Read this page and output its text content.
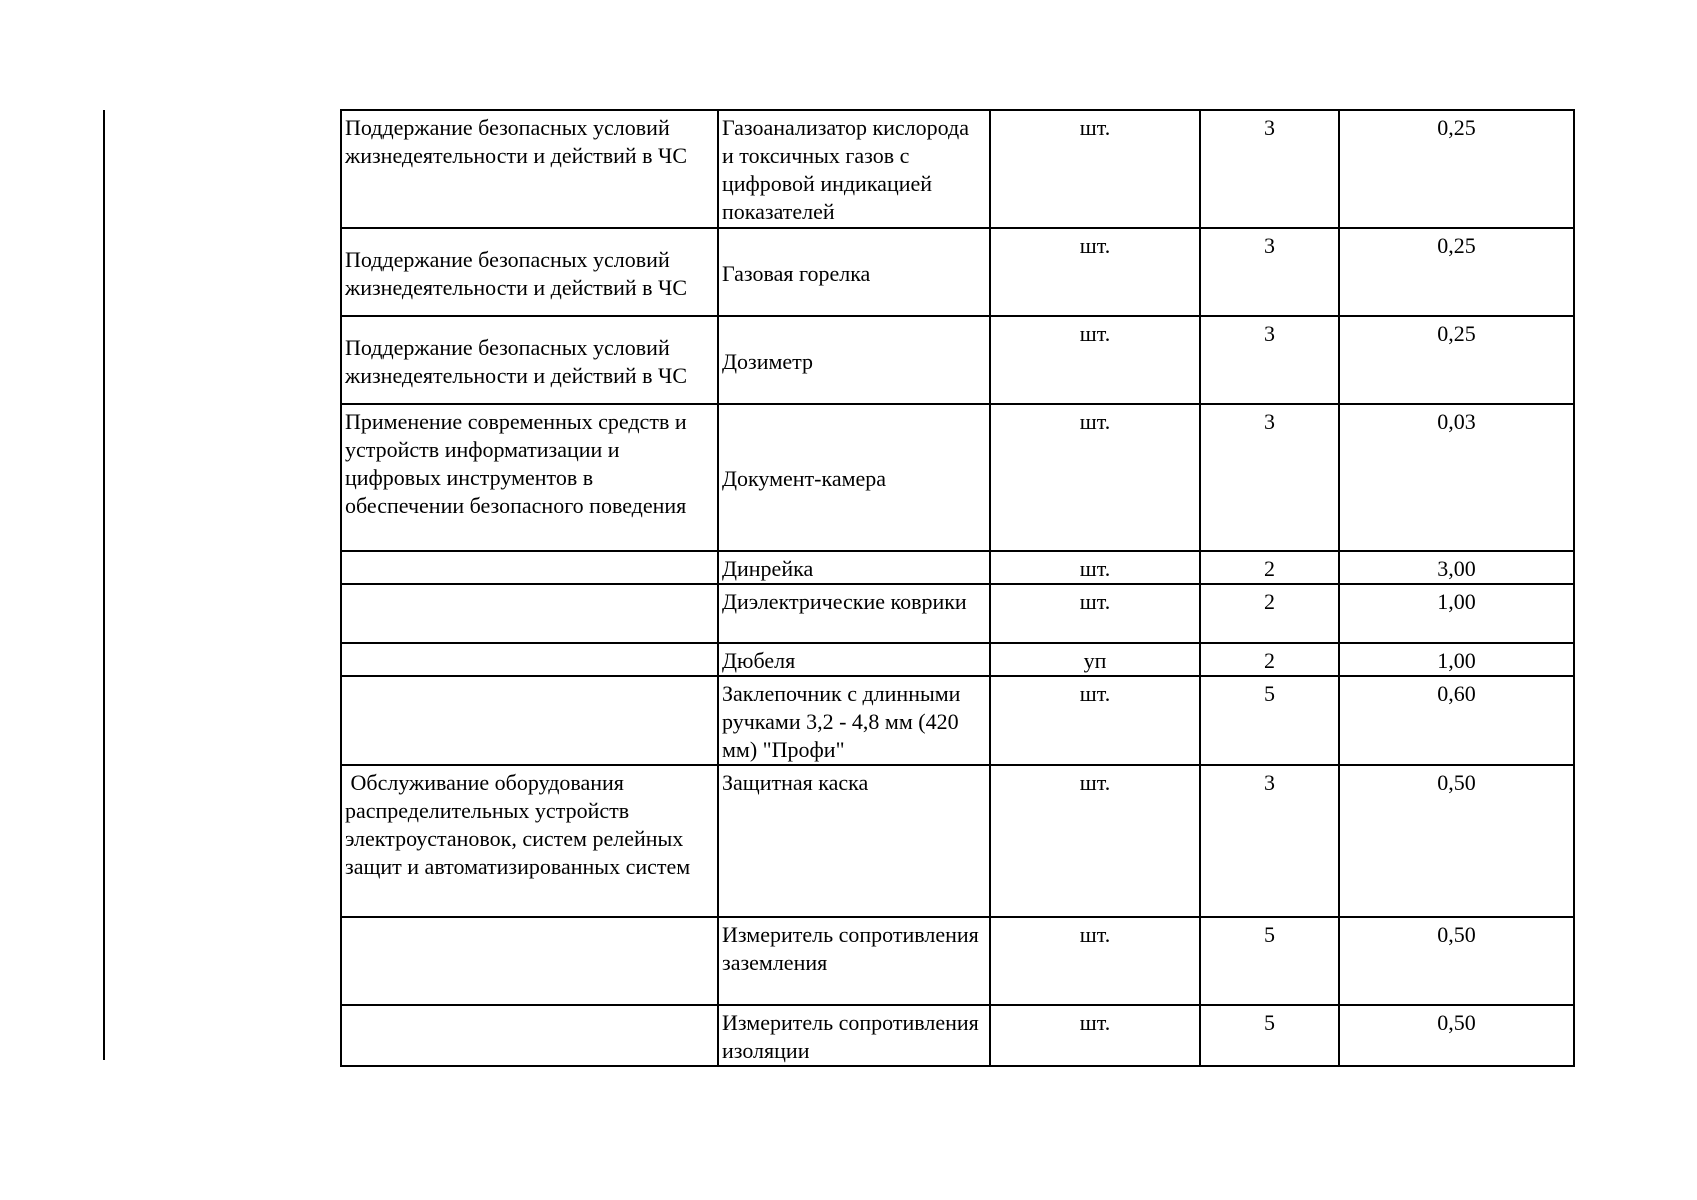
Поддержание безопасных условий жизнедеятельности и действий в ЧС	Газоанализатор кислорода и токсичных газов с цифровой индикацией показателей	шт.	3	0,25
Поддержание безопасных условий жизнедеятельности и действий в ЧС	Газовая горелка	шт.	3	0,25
Поддержание безопасных условий жизнедеятельности и действий в ЧС	Дозиметр	шт.	3	0,25
Применение современных средств и устройств информатизации и цифровых инструментов в обеспечении безопасного поведения	Документ-камера	шт.	3	0,03
	Динрейка	шт.	2	3,00
	Диэлектрические коврики	шт.	2	1,00
	Дюбеля	уп	2	1,00
	Заклепочник с длинными ручками 3,2 - 4,8 мм (420 мм) "Профи"	шт.	5	0,60
Обслуживание оборудования распределительных устройств электроустановок, систем релейных защит и автоматизированных систем	Защитная каска	шт.	3	0,50
	Измеритель сопротивления заземления	шт.	5	0,50
	Измеритель сопротивления изоляции	шт.	5	0,50
